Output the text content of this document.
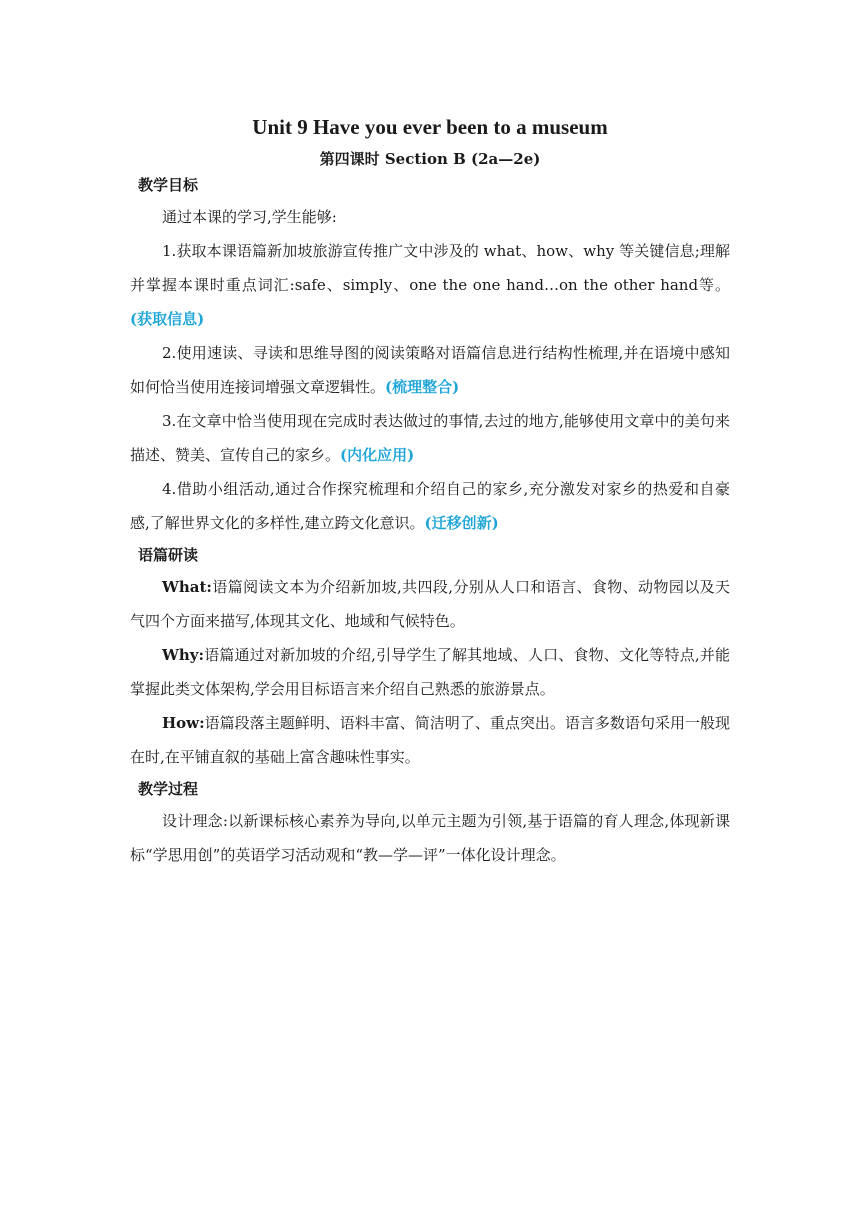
Unit 9 Have you ever been to a museum
第四课时 Section B (2a—2e)
教学目标

通过本课的学习,学生能够:

1.获取本课语篇新加坡旅游宣传推广文中涉及的 what、how、why 等关键信息;理解并掌握本课时重点词汇:safe、simply、one the one hand…on the other hand等。(获取信息)

2.使用速读、寻读和思维导图的阅读策略对语篇信息进行结构性梳理,并在语境中感知如何恰当使用连接词增强文章逻辑性。(梳理整合)

3.在文章中恰当使用现在完成时表达做过的事情,去过的地方,能够使用文章中的美句来描述、赞美、宣传自己的家乡。(内化应用)

4.借助小组活动,通过合作探究梳理和介绍自己的家乡,充分激发对家乡的热爱和自豪感,了解世界文化的多样性,建立跨文化意识。(迁移创新)

语篇研读

What:语篇阅读文本为介绍新加坡,共四段,分别从人口和语言、食物、动物园以及天气四个方面来描写,体现其文化、地域和气候特色。

Why:语篇通过对新加坡的介绍,引导学生了解其地域、人口、食物、文化等特点,并能掌握此类文体架构,学会用目标语言来介绍自己熟悉的旅游景点。

How:语篇段落主题鲜明、语料丰富、简洁明了、重点突出。语言多数语句采用一般现在时,在平铺直叙的基础上富含趣味性事实。

教学过程

设计理念:以新课标核心素养为导向,以单元主题为引领,基于语篇的育人理念,体现新课标“学思用创”的英语学习活动观和“教—学—评”一体化设计理念。
